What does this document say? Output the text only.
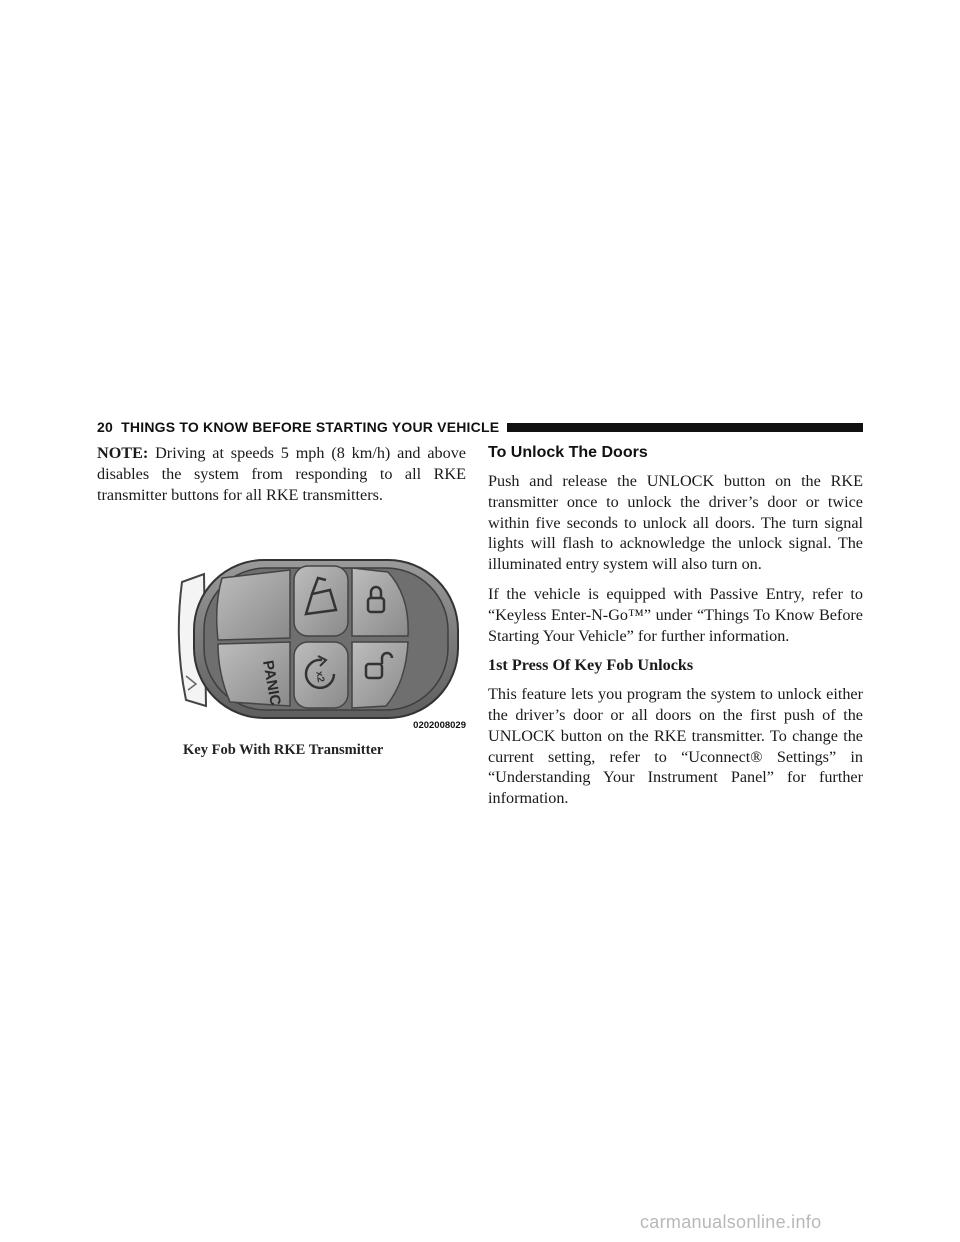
20 THINGS TO KNOW BEFORE STARTING YOUR VEHICLE

NOTE: Driving at speeds 5 mph (8 km/h) and above disables the system from responding to all RKE transmitter buttons for all RKE transmitters.

x2
PANIC
0202008029
Key Fob With RKE Transmitter
To Unlock The Doors

Push and release the UNLOCK button on the RKE transmitter once to unlock the driver’s door or twice within five seconds to unlock all doors. The turn signal lights will flash to acknowledge the unlock signal. The illuminated entry system will also turn on.

If the vehicle is equipped with Passive Entry, refer to “Keyless Enter-N-Go™” under “Things To Know Before Starting Your Vehicle” for further information.

1st Press Of Key Fob Unlocks

This feature lets you program the system to unlock either the driver’s door or all doors on the first push of the UNLOCK button on the RKE transmitter. To change the current setting, refer to “Uconnect® Settings” in “Understanding Your Instrument Panel” for further information.

carmanualsonline.info
